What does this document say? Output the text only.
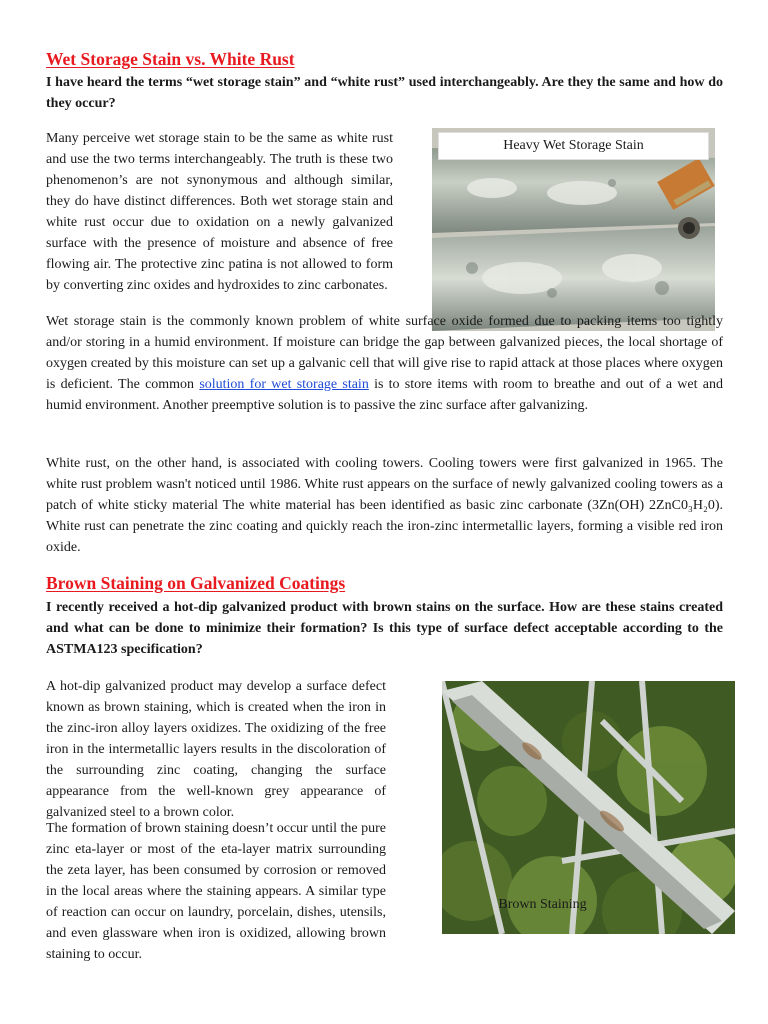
Wet Storage Stain vs. White Rust
I have heard the terms “wet storage stain” and “white rust” used interchangeably. Are they the same and how do they occur?

Many perceive wet storage stain to be the same as white rust and use the two terms interchangeably. The truth is these two phenomenon’s are not synonymous and although similar, they do have distinct differences. Both wet storage stain and white rust occur due to oxidation on a newly galvanized surface with the presence of moisture and absence of free flowing air. The protective zinc patina is not allowed to form by converting zinc oxides and hydroxides to zinc carbonates.

Heavy Wet Storage Stain

Wet storage stain is the commonly known problem of white surface oxide formed due to packing items too tightly and/or storing in a humid environment. If moisture can bridge the gap between galvanized pieces, the local shortage of oxygen created by this moisture can set up a galvanic cell that will give rise to rapid attack at those places where oxygen is deficient. The common solution for wet storage stain is to store items with room to breathe and out of a wet and humid environment. Another preemptive solution is to passive the zinc surface after galvanizing.

White rust, on the other hand, is associated with cooling towers. Cooling towers were first galvanized in 1965. The white rust problem wasn't noticed until 1986. White rust appears on the surface of newly galvanized cooling towers as a patch of white sticky material The white material has been identified as basic zinc carbonate (3Zn(OH) 2ZnC0₃H₂0). White rust can penetrate the zinc coating and quickly reach the iron-zinc intermetallic layers, forming a visible red iron oxide.

Brown Staining on Galvanized Coatings
I recently received a hot-dip galvanized product with brown stains on the surface. How are these stains created and what can be done to minimize their formation? Is this type of surface defect acceptable according to the ASTMA123 specification?

A hot-dip galvanized product may develop a surface defect known as brown staining, which is created when the iron in the zinc-iron alloy layers oxidizes. The oxidizing of the free iron in the intermetallic layers results in the discoloration of the surrounding zinc coating, changing the surface appearance from the well-known grey appearance of galvanized steel to a brown color.

The formation of brown staining doesn’t occur until the pure zinc eta-layer or most of the eta-layer matrix surrounding the zeta layer, has been consumed by corrosion or removed in the local areas where the staining appears. A similar type of reaction can occur on laundry, porcelain, dishes, utensils, and even glassware when iron is oxidized, allowing brown staining to occur.

Brown Staining
